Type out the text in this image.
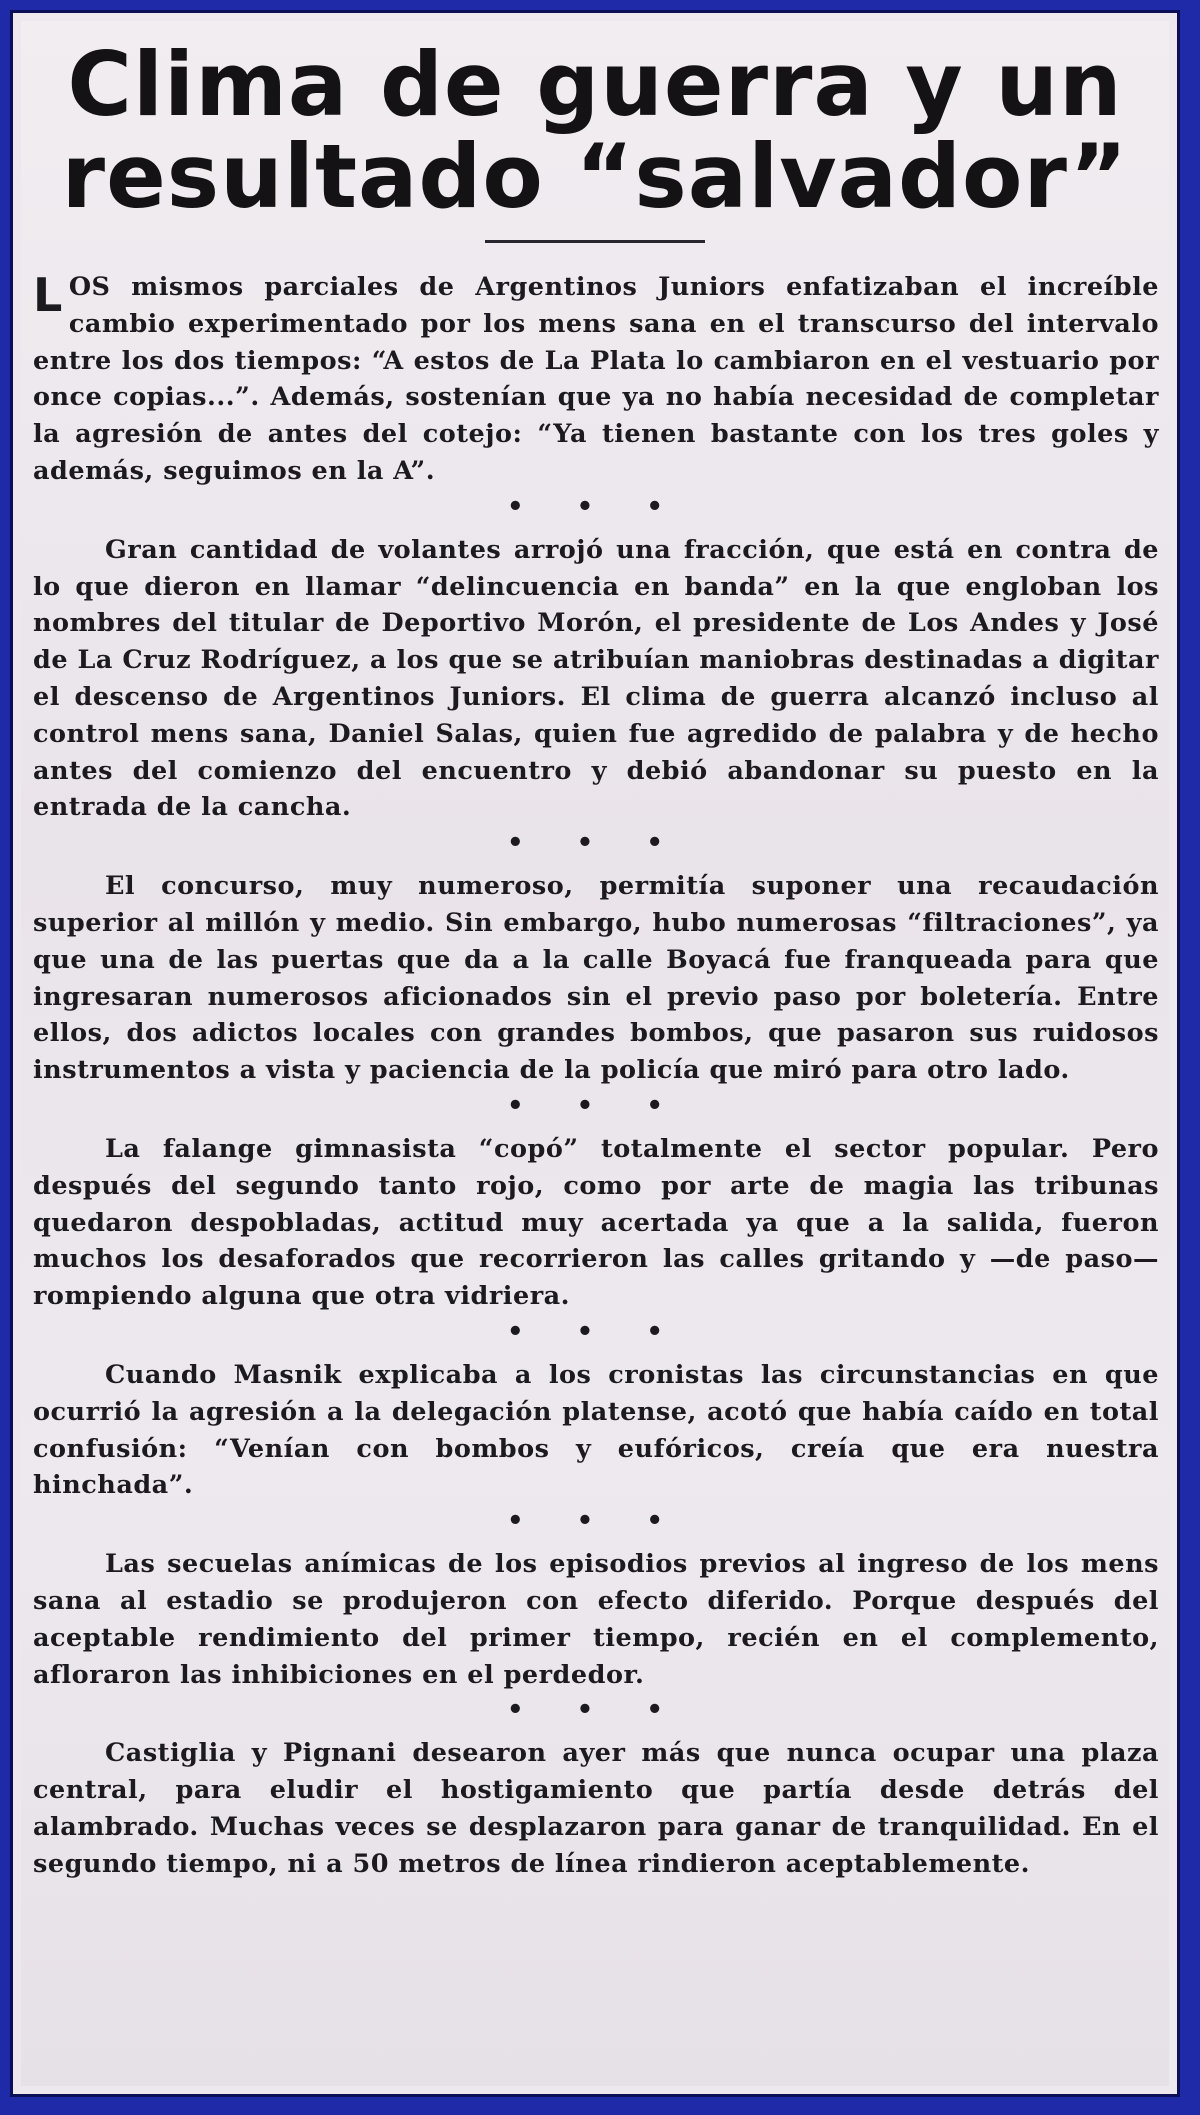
Clima de guerra y un
resultado “salvador”

LOS mismos parciales de Argentinos Juniors enfatizaban el increíble cambio experimentado por los mens sana en el transcurso del intervalo entre los dos tiempos: “A estos de La Plata lo cambiaron en el vestuario por once copias...”. Además, sostenían que ya no había necesidad de completar la agresión de antes del cotejo: “Ya tienen bastante con los tres goles y además, seguimos en la A”.

• • •

Gran cantidad de volantes arrojó una fracción, que está en contra de lo que dieron en llamar “delincuencia en banda” en la que engloban los nombres del titular de Deportivo Morón, el presidente de Los Andes y José de La Cruz Rodríguez, a los que se atribuían maniobras destinadas a digitar el descenso de Argentinos Juniors. El clima de guerra alcanzó incluso al control mens sana, Daniel Salas, quien fue agredido de palabra y de hecho antes del comienzo del encuentro y debió abandonar su puesto en la entrada de la cancha.

• • •

El concurso, muy numeroso, permitía suponer una recaudación superior al millón y medio. Sin embargo, hubo numerosas “filtraciones”, ya que una de las puertas que da a la calle Boyacá fue franqueada para que ingresaran numerosos aficionados sin el previo paso por boletería. Entre ellos, dos adictos locales con grandes bombos, que pasaron sus ruidosos instrumentos a vista y paciencia de la policía que miró para otro lado.

• • •

La falange gimnasista “copó” totalmente el sector popular. Pero después del segundo tanto rojo, como por arte de magia las tribunas quedaron despobladas, actitud muy acertada ya que a la salida, fueron muchos los desaforados que recorrieron las calles gritando y —de paso— rompiendo alguna que otra vidriera.

• • •

Cuando Masnik explicaba a los cronistas las circunstancias en que ocurrió la agresión a la delegación platense, acotó que había caído en total confusión: “Venían con bombos y eufóricos, creía que era nuestra hinchada”.

• • •

Las secuelas anímicas de los episodios previos al ingreso de los mens sana al estadio se produjeron con efecto diferido. Porque después del aceptable rendimiento del primer tiempo, recién en el complemento, afloraron las inhibiciones en el perdedor.

• • •

Castiglia y Pignani desearon ayer más que nunca ocupar una plaza central, para eludir el hostigamiento que partía desde detrás del alambrado. Muchas veces se desplazaron para ganar de tranquilidad. En el segundo tiempo, ni a 50 metros de línea rindieron aceptablemente.
